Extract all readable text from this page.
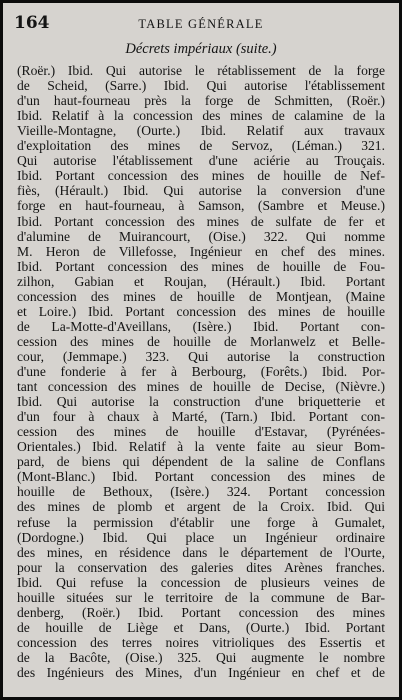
164	TABLE GÉNÉRALE
Décrets impériaux (suite.)
(Roër.) Ibid. Qui autorise le rétablissement de la forge
de Scheid, (Sarre.) Ibid. Qui autorise l'établissement
d'un haut-fourneau près la forge de Schmitten, (Roër.)
Ibid. Relatif à la concession des mines de calamine de la
Vieille-Montagne, (Ourte.) Ibid. Relatif aux travaux
d'exploitation des mines de Servoz, (Léman.) 321.
Qui autorise l'établissement d'une aciérie au Trouçais.
Ibid. Portant concession des mines de houille de Nef-
fiès, (Hérault.) Ibid. Qui autorise la conversion d'une
forge en haut-fourneau, à Samson, (Sambre et Meuse.)
Ibid. Portant concession des mines de sulfate de fer et
d'alumine de Muirancourt, (Oise.) 322. Qui nomme
M. Heron de Villefosse, Ingénieur en chef des mines.
Ibid. Portant concession des mines de houille de Fou-
zilhon, Gabian et Roujan, (Hérault.) Ibid. Portant
concession des mines de houille de Montjean, (Maine
et Loire.) Ibid. Portant concession des mines de houille
de La-Motte-d'Aveillans, (Isère.) Ibid. Portant con-
cession des mines de houille de Morlanwelz et Belle-
cour, (Jemmape.) 323. Qui autorise la construction
d'une fonderie à fer à Berbourg, (Forêts.) Ibid. Por-
tant concession des mines de houille de Decise, (Nièvre.)
Ibid. Qui autorise la construction d'une briquetterie et
d'un four à chaux à Marté, (Tarn.) Ibid. Portant con-
cession des mines de houille d'Estavar, (Pyrénées-
Orientales.) Ibid. Relatif à la vente faite au sieur Bom-
pard, de biens qui dépendent de la saline de Conflans
(Mont-Blanc.) Ibid. Portant concession des mines de
houille de Bethoux, (Isère.) 324. Portant concession
des mines de plomb et argent de la Croix. Ibid. Qui
refuse la permission d'établir une forge à Gumalet,
(Dordogne.) Ibid. Qui place un Ingénieur ordinaire
des mines, en résidence dans le département de l'Ourte,
pour la conservation des galeries dites Arènes franches.
Ibid. Qui refuse la concession de plusieurs veines de
houille situées sur le territoire de la commune de Bar-
denberg, (Roër.) Ibid. Portant concession des mines
de houille de Liège et Dans, (Ourte.) Ibid. Portant
concession des terres noires vitrioliques des Essertis et
de la Bacôte, (Oise.) 325. Qui augmente le nombre
des Ingénieurs des Mines, d'un Ingénieur en chef et de
